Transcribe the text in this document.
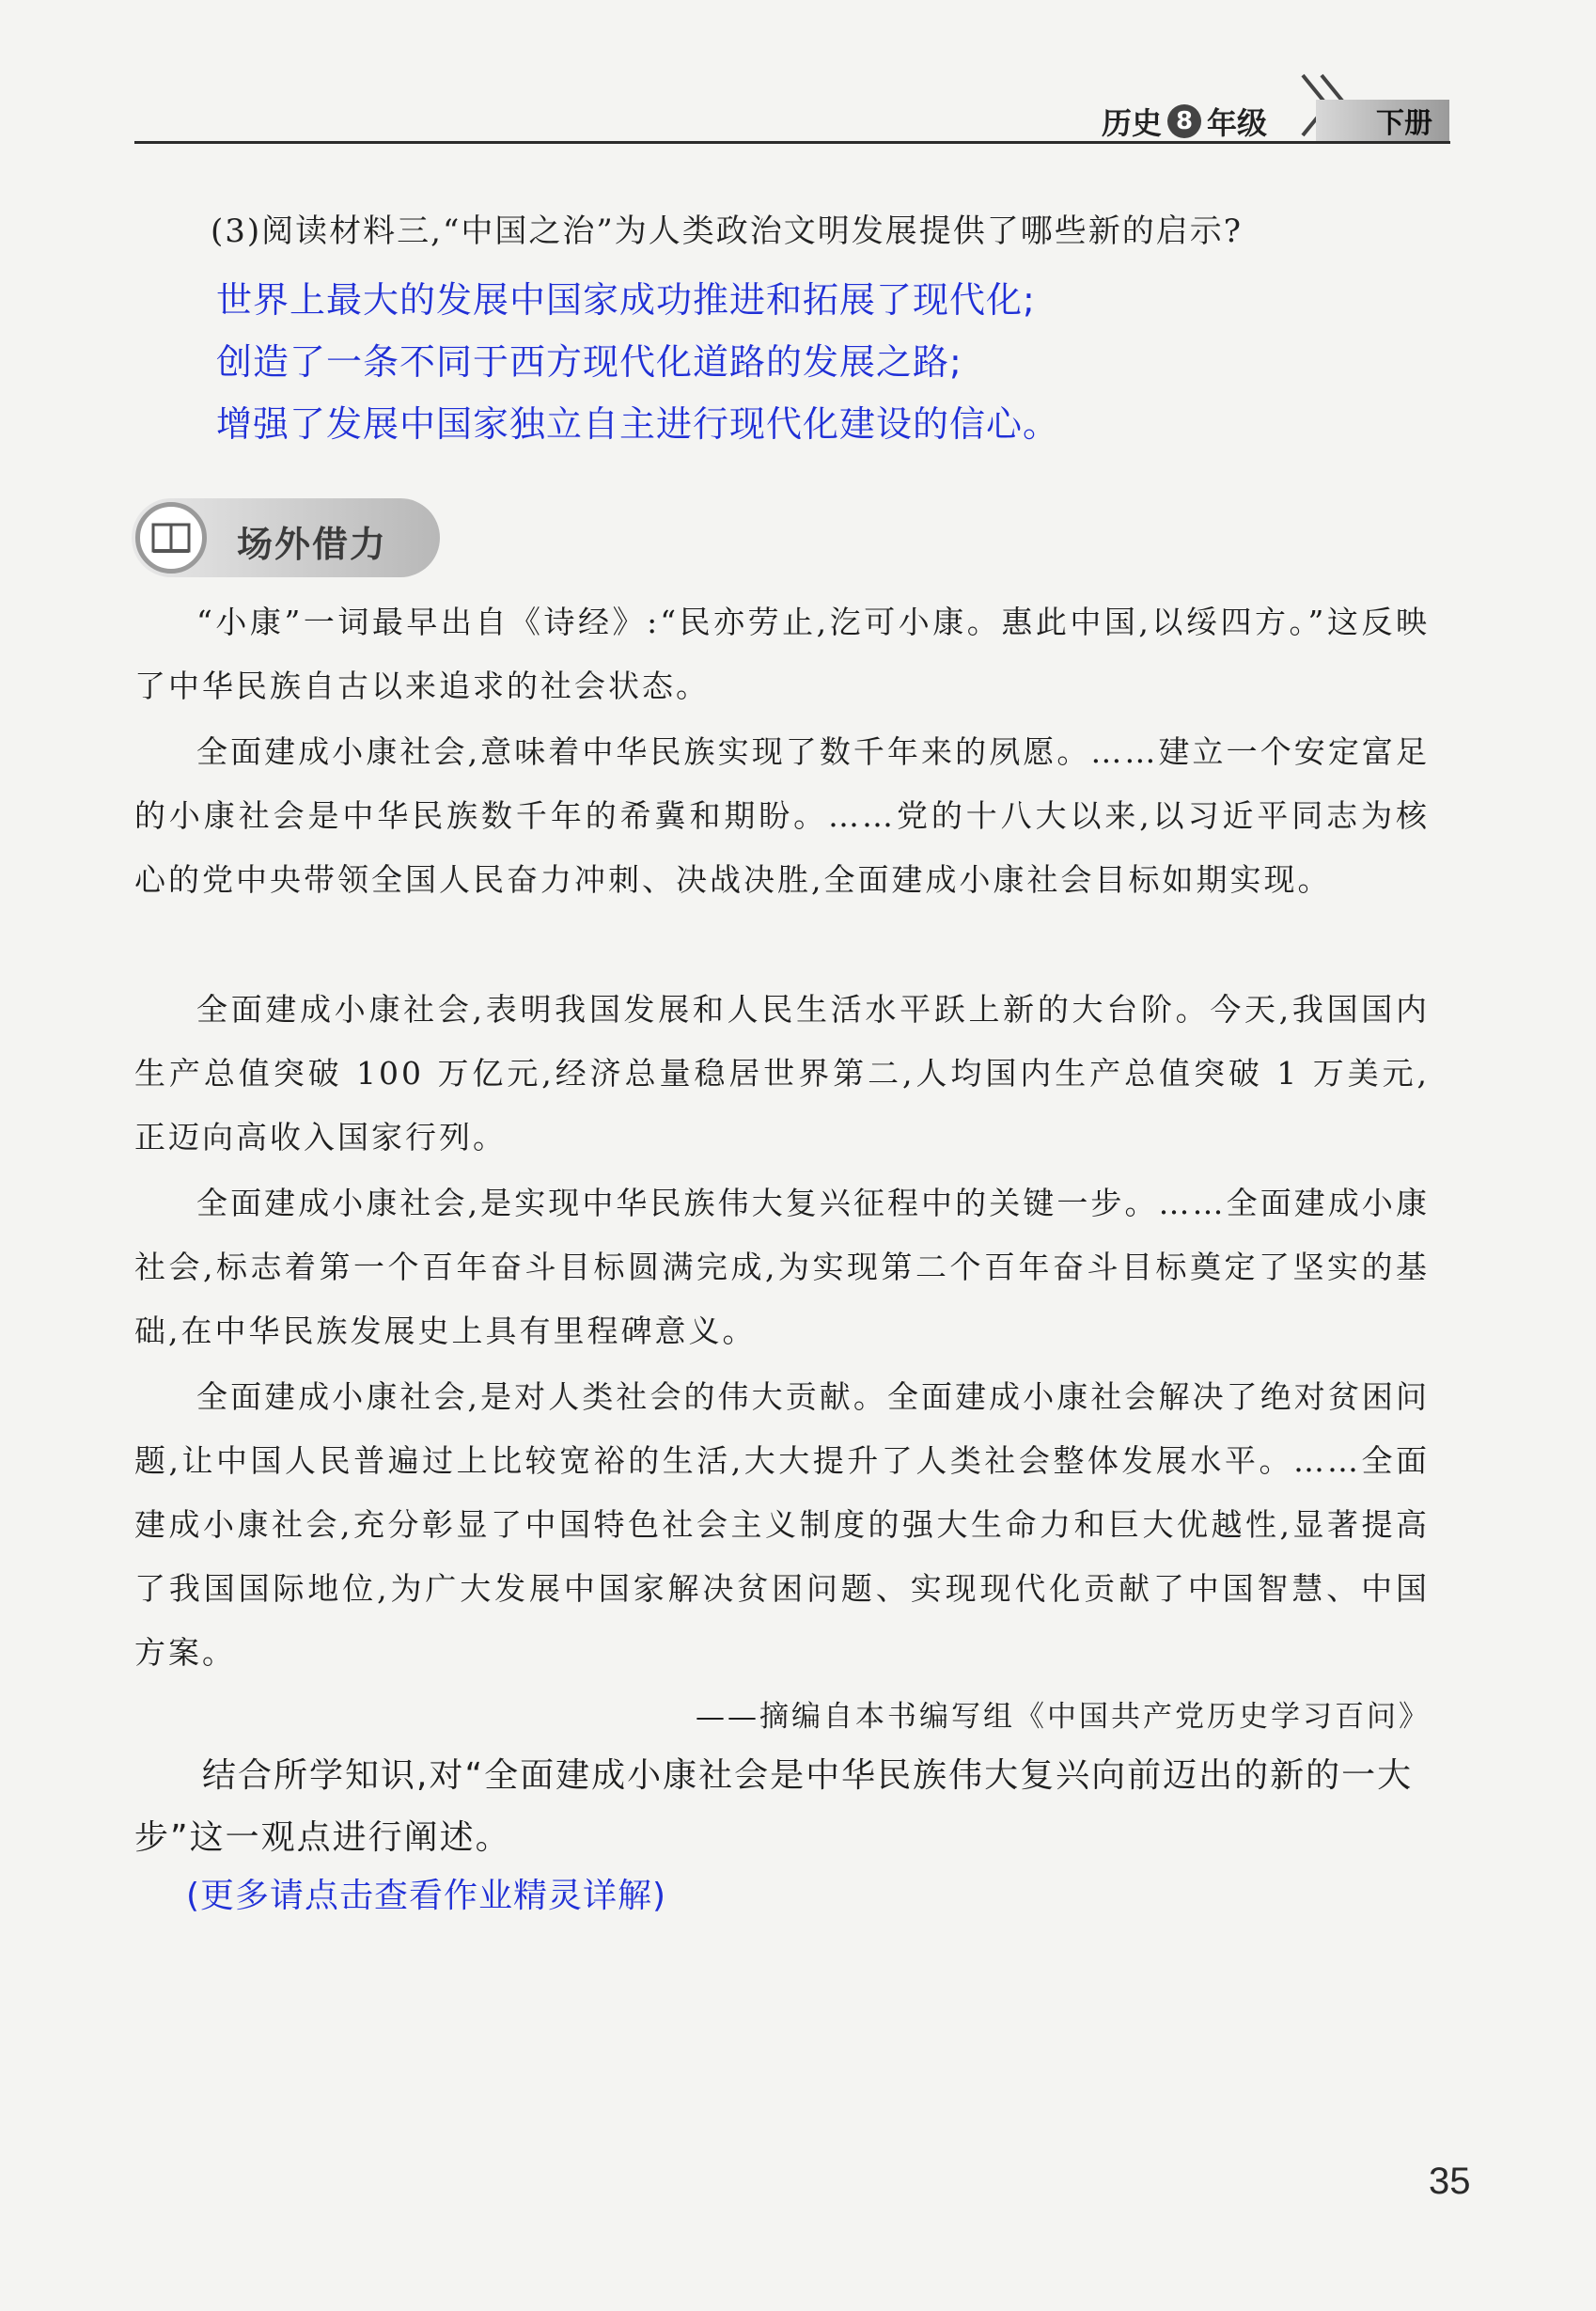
历史 8 年级	下册
(3)阅读材料三,“中国之治”为人类政治文明发展提供了哪些新的启示?
世界上最大的发展中国家成功推进和拓展了现代化;
创造了一条不同于西方现代化道路的发展之路;
增强了发展中国家独立自主进行现代化建设的信心。
场外借力

“小康”一词最早出自《诗经》:“民亦劳止,汔可小康。惠此中国,以绥四方。”这反映了中华民族自古以来追求的社会状态。

全面建成小康社会,意味着中华民族实现了数千年来的夙愿。……建立一个安定富足的小康社会是中华民族数千年的希冀和期盼。……党的十八大以来,以习近平同志为核心的党中央带领全国人民奋力冲刺、决战决胜,全面建成小康社会目标如期实现。

全面建成小康社会,表明我国发展和人民生活水平跃上新的大台阶。今天,我国国内生产总值突破 100 万亿元,经济总量稳居世界第二,人均国内生产总值突破 1 万美元,正迈向高收入国家行列。

全面建成小康社会,是实现中华民族伟大复兴征程中的关键一步。……全面建成小康社会,标志着第一个百年奋斗目标圆满完成,为实现第二个百年奋斗目标奠定了坚实的基础,在中华民族发展史上具有里程碑意义。

全面建成小康社会,是对人类社会的伟大贡献。全面建成小康社会解决了绝对贫困问题,让中国人民普遍过上比较宽裕的生活,大大提升了人类社会整体发展水平。……全面建成小康社会,充分彰显了中国特色社会主义制度的强大生命力和巨大优越性,显著提高了我国国际地位,为广大发展中国家解决贫困问题、实现现代化贡献了中国智慧、中国方案。

——摘编自本书编写组《中国共产党历史学习百问》

结合所学知识,对“全面建成小康社会是中华民族伟大复兴向前迈出的新的一大步”这一观点进行阐述。

(更多请点击查看作业精灵详解)
35
